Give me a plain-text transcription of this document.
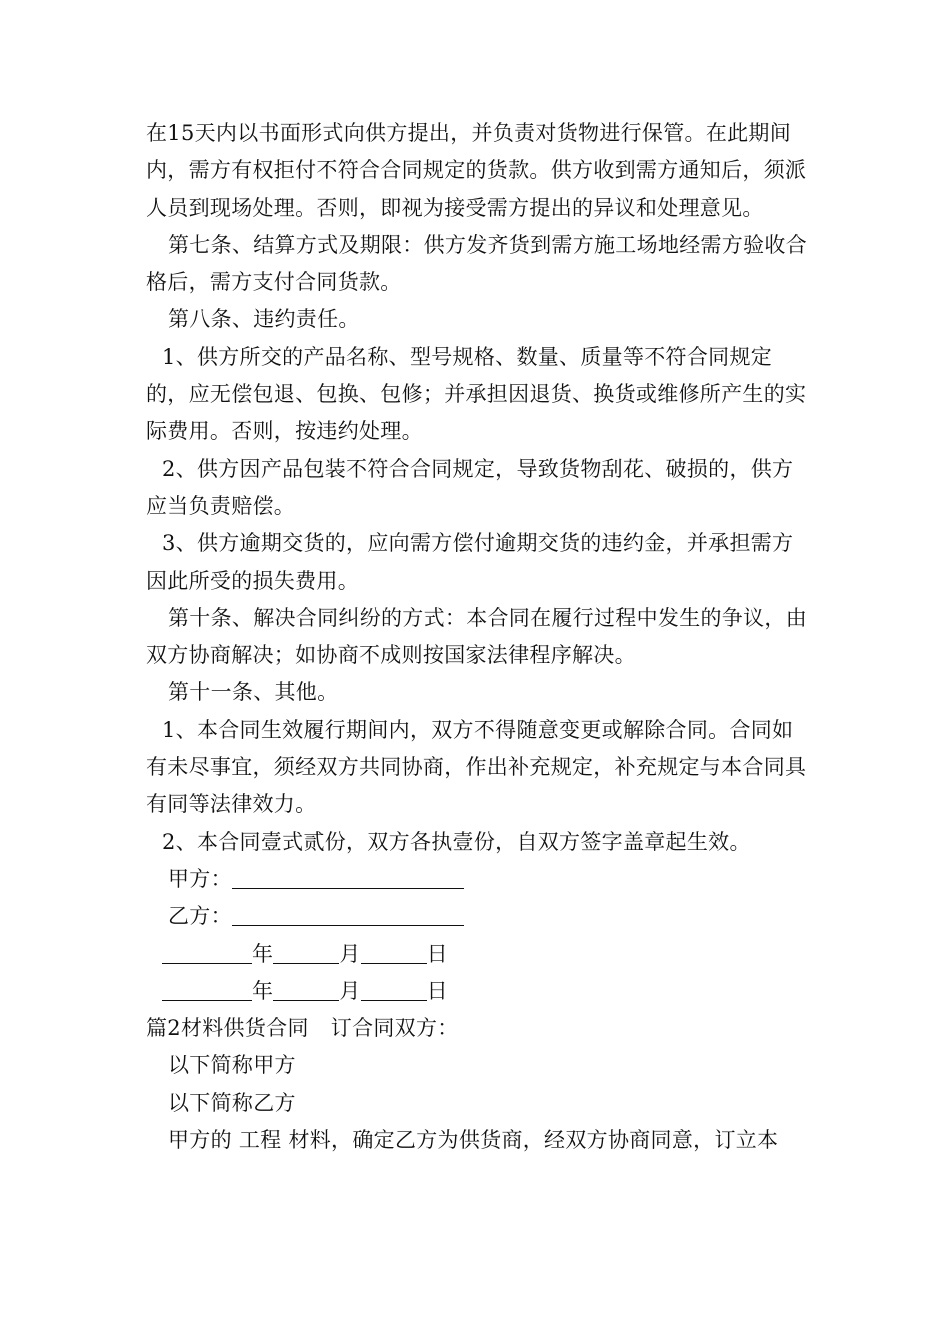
在15天内以书面形式向供方提出，并负责对货物进行保管。在此期间内，需方有权拒付不符合合同规定的货款。供方收到需方通知后，须派人员到现场处理。否则，即视为接受需方提出的异议和处理意见。

第七条、结算方式及期限：供方发齐货到需方施工场地经需方验收合格后，需方支付合同货款。

第八条、违约责任。

1、供方所交的产品名称、型号规格、数量、质量等不符合同规定的，应无偿包退、包换、包修；并承担因退货、换货或维修所产生的实际费用。否则，按违约处理。

2、供方因产品包装不符合合同规定，导致货物刮花、破损的，供方应当负责赔偿。

3、供方逾期交货的，应向需方偿付逾期交货的违约金，并承担需方因此所受的损失费用。

第十条、解决合同纠纷的方式：本合同在履行过程中发生的争议，由双方协商解决；如协商不成则按国家法律程序解决。

第十一条、其他。

1、本合同生效履行期间内，双方不得随意变更或解除合同。合同如有未尽事宜，须经双方共同协商，作出补充规定，补充规定与本合同具有同等法律效力。

2、本合同壹式贰份，双方各执壹份，自双方签字盖章起生效。

甲方：

乙方：

年	月	日

年	月	日

篇2材料供货合同 订合同双方：

以下简称甲方

以下简称乙方

甲方的 工程 材料，确定乙方为供货商，经双方协商同意，订立本
